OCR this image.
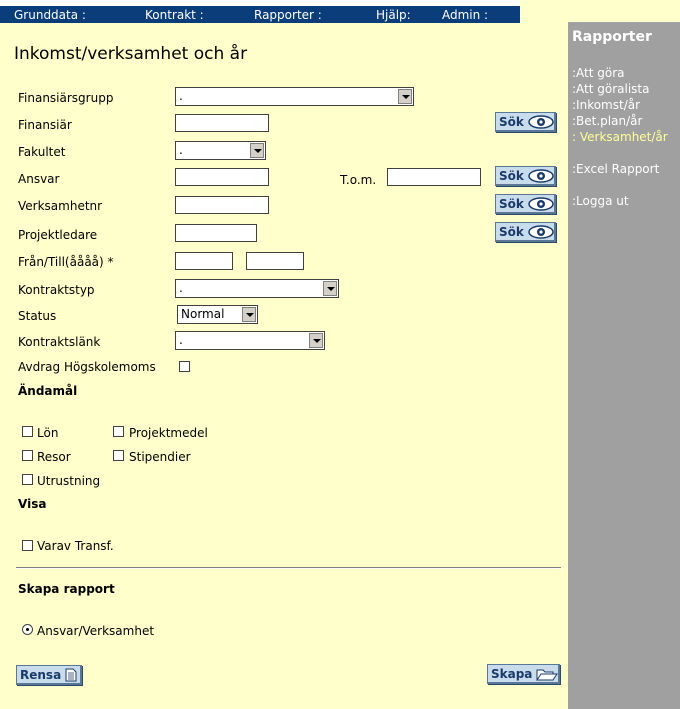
Grunddata :	Kontrakt :	Rapporter :	Hjälp:	Admin :
Rapporter
:Att göra
:Att göralista
:Inkomst/år
:Bet.plan/år
: Verksamhet/år
:Excel Rapport
:Logga ut
Inkomst/verksamhet och år
Finansiärsgrupp	.
Finansiär	Sök
Fakultet	.
Ansvar	T.o.m.	Sök
Verksamhetnr	Sök
Projektledare	Sök
Från/Till(åååå) *
Kontraktstyp	.
Status	Normal
Kontraktslänk	.
Avdrag Högskolemoms
Ändamål
Lön	Projektmedel
Resor	Stipendier
Utrustning
Visa
Varav Transf.
Skapa rapport
Ansvar/Verksamhet
Rensa	Skapa
